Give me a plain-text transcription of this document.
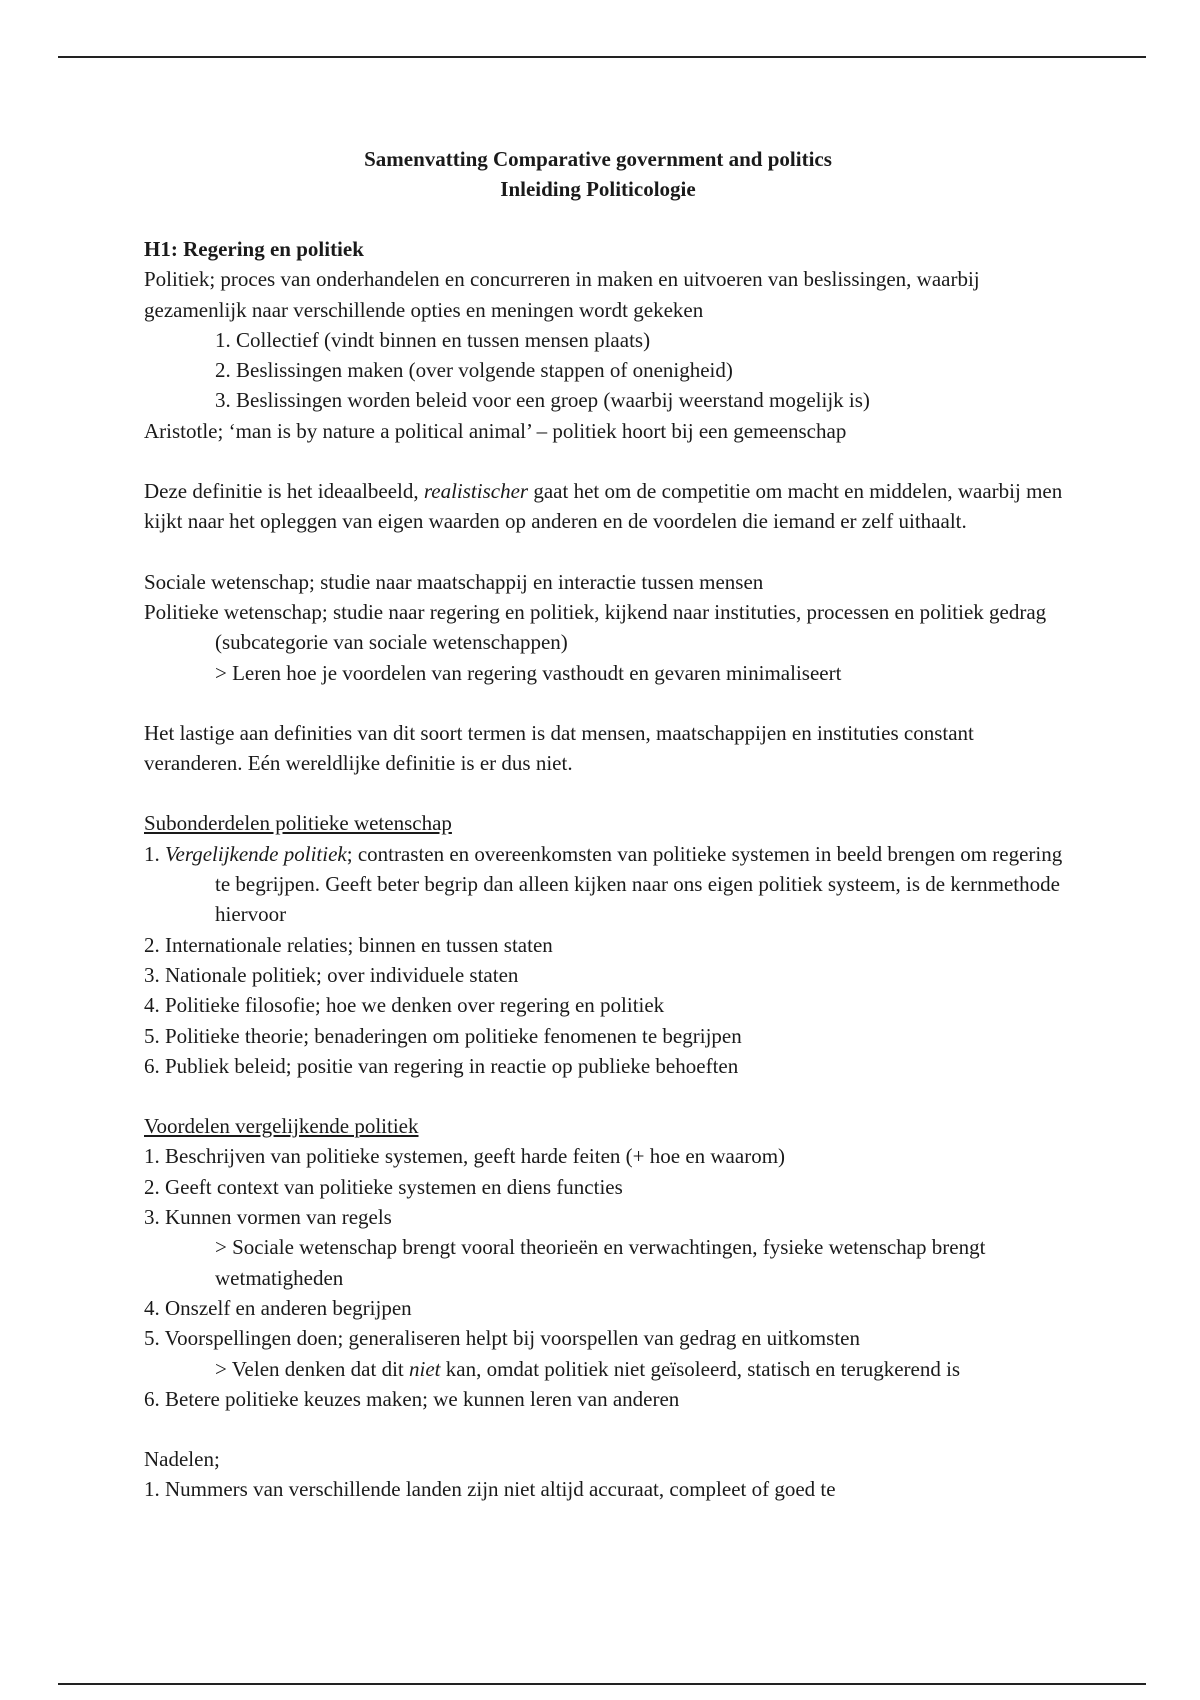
Samenvatting Comparative government and politics
Inleiding Politicologie

H1: Regering en politiek

Politiek; proces van onderhandelen en concurreren in maken en uitvoeren van beslissingen, waarbij gezamenlijk naar verschillende opties en meningen wordt gekeken

1. Collectief (vindt binnen en tussen mensen plaats)

2. Beslissingen maken (over volgende stappen of onenigheid)

3. Beslissingen worden beleid voor een groep (waarbij weerstand mogelijk is)

Aristotle; ‘man is by nature a political animal’ – politiek hoort bij een gemeenschap

Deze definitie is het ideaalbeeld, realistischer gaat het om de competitie om macht en middelen, waarbij men kijkt naar het opleggen van eigen waarden op anderen en de voordelen die iemand er zelf uithaalt.

Sociale wetenschap; studie naar maatschappij en interactie tussen mensen

Politieke wetenschap; studie naar regering en politiek, kijkend naar instituties, processen en politiek gedrag (subcategorie van sociale wetenschappen)

> Leren hoe je voordelen van regering vasthoudt en gevaren minimaliseert

Het lastige aan definities van dit soort termen is dat mensen, maatschappijen en instituties constant veranderen. Eén wereldlijke definitie is er dus niet.

Subonderdelen politieke wetenschap

1. Vergelijkende politiek; contrasten en overeenkomsten van politieke systemen in beeld brengen om regering te begrijpen. Geeft beter begrip dan alleen kijken naar ons eigen politiek systeem, is de kernmethode hiervoor

2. Internationale relaties; binnen en tussen staten

3. Nationale politiek; over individuele staten

4. Politieke filosofie; hoe we denken over regering en politiek

5. Politieke theorie; benaderingen om politieke fenomenen te begrijpen

6. Publiek beleid; positie van regering in reactie op publieke behoeften

Voordelen vergelijkende politiek

1. Beschrijven van politieke systemen, geeft harde feiten (+ hoe en waarom)

2. Geeft context van politieke systemen en diens functies

3. Kunnen vormen van regels

> Sociale wetenschap brengt vooral theorieën en verwachtingen, fysieke wetenschap brengt wetmatigheden

4. Onszelf en anderen begrijpen

5. Voorspellingen doen; generaliseren helpt bij voorspellen van gedrag en uitkomsten

> Velen denken dat dit niet kan, omdat politiek niet geïsoleerd, statisch en terugkerend is

6. Betere politieke keuzes maken; we kunnen leren van anderen

Nadelen;

1. Nummers van verschillende landen zijn niet altijd accuraat, compleet of goed te
